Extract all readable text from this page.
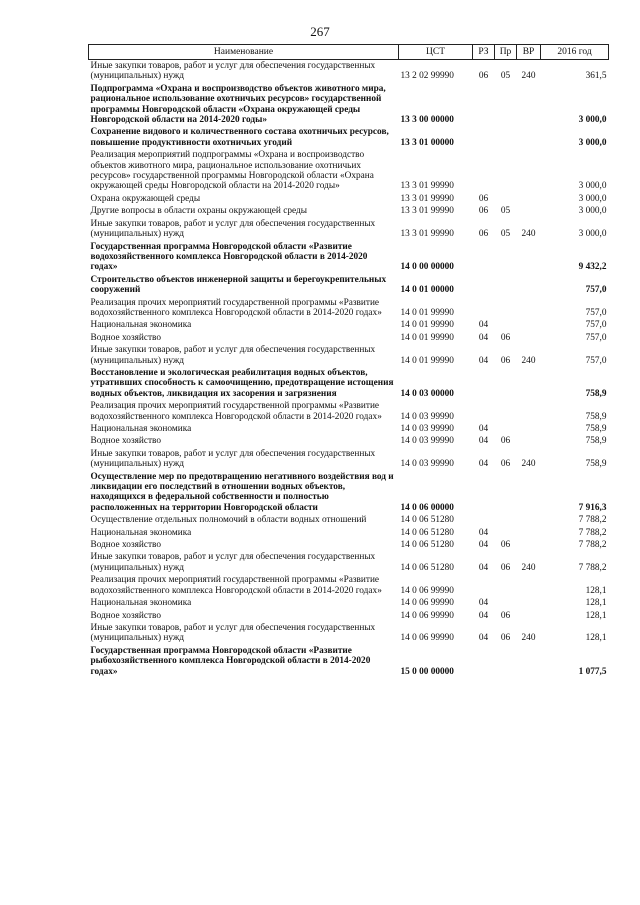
267
Наименование	ЦСТ	РЗ	Пр	ВР	2016 год
Иные закупки товаров, работ и услуг для обеспечения государственных (муниципальных) нужд	13 2 02 99990	06	05	240	361,5
Подпрограмма «Охрана и воспроизводство объектов животного мира, рациональное использование охотничьих ресурсов» государственной программы Новгородской области «Охрана окружающей среды Новгородской области на 2014-2020 годы»	13 3 00 00000				3 000,0
Сохранение видового и количественного состава охотничьих ресурсов, повышение продуктивности охотничьих угодий	13 3 01 00000				3 000,0
Реализация мероприятий подпрограммы «Охрана и воспроизводство объектов животного мира, рациональное использование охотничьих ресурсов» государственной программы Новгородской области «Охрана окружающей среды Новгородской области на 2014-2020 годы»	13 3 01 99990				3 000,0
Охрана окружающей среды	13 3 01 99990	06			3 000,0
Другие вопросы в области охраны окружающей среды	13 3 01 99990	06	05		3 000,0
Иные закупки товаров, работ и услуг для обеспечения государственных (муниципальных) нужд	13 3 01 99990	06	05	240	3 000,0
Государственная программа Новгородской области «Развитие водохозяйственного комплекса Новгородской области в 2014-2020 годах»	14 0 00 00000				9 432,2
Строительство объектов инженерной защиты и берегоукрепительных сооружений	14 0 01 00000				757,0
Реализация прочих мероприятий государственной программы «Развитие водохозяйственного комплекса Новгородской области в 2014-2020 годах»	14 0 01 99990				757,0
Национальная экономика	14 0 01 99990	04			757,0
Водное хозяйство	14 0 01 99990	04	06		757,0
Иные закупки товаров, работ и услуг для обеспечения государственных (муниципальных) нужд	14 0 01 99990	04	06	240	757,0
Восстановление и экологическая реабилитация водных объектов, утративших способность к самоочищению, предотвращение истощения водных объектов, ликвидация их засорения и загрязнения	14 0 03 00000				758,9
Реализация прочих мероприятий государственной программы «Развитие водохозяйственного комплекса Новгородской области в 2014-2020 годах»	14 0 03 99990				758,9
Национальная экономика	14 0 03 99990	04			758,9
Водное хозяйство	14 0 03 99990	04	06		758,9
Иные закупки товаров, работ и услуг для обеспечения государственных (муниципальных) нужд	14 0 03 99990	04	06	240	758,9
Осуществление мер по предотвращению негативного воздействия вод и ликвидации его последствий в отношении водных объектов, находящихся в федеральной собственности и полностью расположенных на территории Новгородской области	14 0 06 00000				7 916,3
Осуществление отдельных полномочий в области водных отношений	14 0 06 51280				7 788,2
Национальная экономика	14 0 06 51280	04			7 788,2
Водное хозяйство	14 0 06 51280	04	06		7 788,2
Иные закупки товаров, работ и услуг для обеспечения государственных (муниципальных) нужд	14 0 06 51280	04	06	240	7 788,2
Реализация прочих мероприятий государственной программы «Развитие водохозяйственного комплекса Новгородской области в 2014-2020 годах»	14 0 06 99990				128,1
Национальная экономика	14 0 06 99990	04			128,1
Водное хозяйство	14 0 06 99990	04	06		128,1
Иные закупки товаров, работ и услуг для обеспечения государственных (муниципальных) нужд	14 0 06 99990	04	06	240	128,1
Государственная программа Новгородской области «Развитие рыбохозяйственного комплекса Новгородской области в 2014-2020 годах»	15 0 00 00000				1 077,5
